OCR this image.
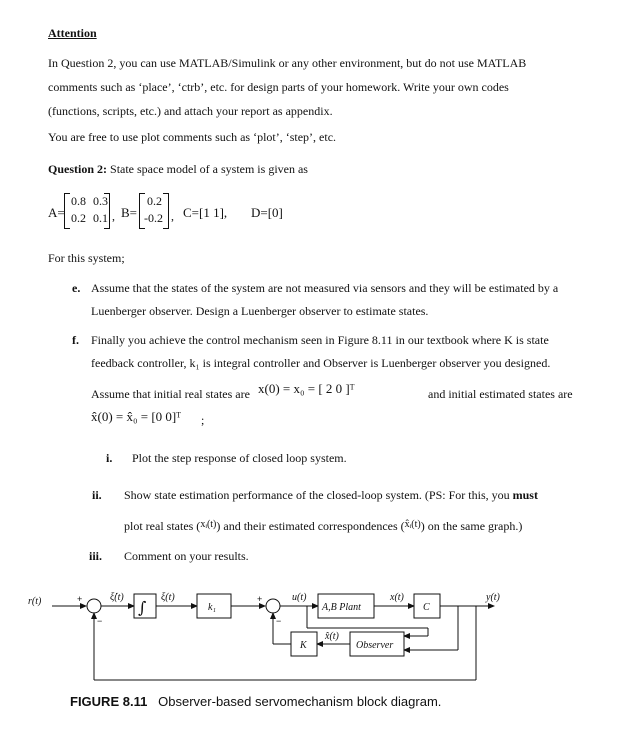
Attention
In Question 2, you can use MATLAB/Simulink or any other environment, but do not use MATLAB
comments such as ‘place’, ‘ctrb’, etc. for design parts of your homework. Write your own codes
(functions, scripts, etc.) and attach your report as appendix.
You are free to use plot comments such as ‘plot’, ‘step’, etc.
Question 2: State space model of a system is given as
A=
0.8 0.3
0.2 0.1 , B=
0.2
-0.2 , C=[1 1], D=[0]
For this system;
e. Assume that the states of the system are not measured via sensors and they will be estimated by a
Luenberger observer. Design a Luenberger observer to estimate states.
f. Finally you achieve the control mechanism seen in Figure 8.11 in our textbook where K is state
feedback controller, k₁ is integral controller and Observer is Luenberger observer you designed.
Assume that initial real states are x(0) = x₀ = [ 2 0 ]ᵀ	and initial estimated states are
x̂(0) = x̂₀ = [0 0]ᵀ ;
i. Plot the step response of closed loop system.
ii. Show state estimation performance of the closed-loop system. (PS: For this, you must
plot real states ($^{xᵢ(t)}$) and their estimated correspondences ($^{x̂ᵢ(t)}$) on the same graph.)
iii. Comment on your results.
r(t)	ξ̇(t)	ξ(t)
k₁
u(t)
A,B Plant
x(t)
C
y(t)
K
x̂(t)
Observer
+
−
+
−
∫
FIGURE 8.11 Observer-based servomechanism block diagram.
